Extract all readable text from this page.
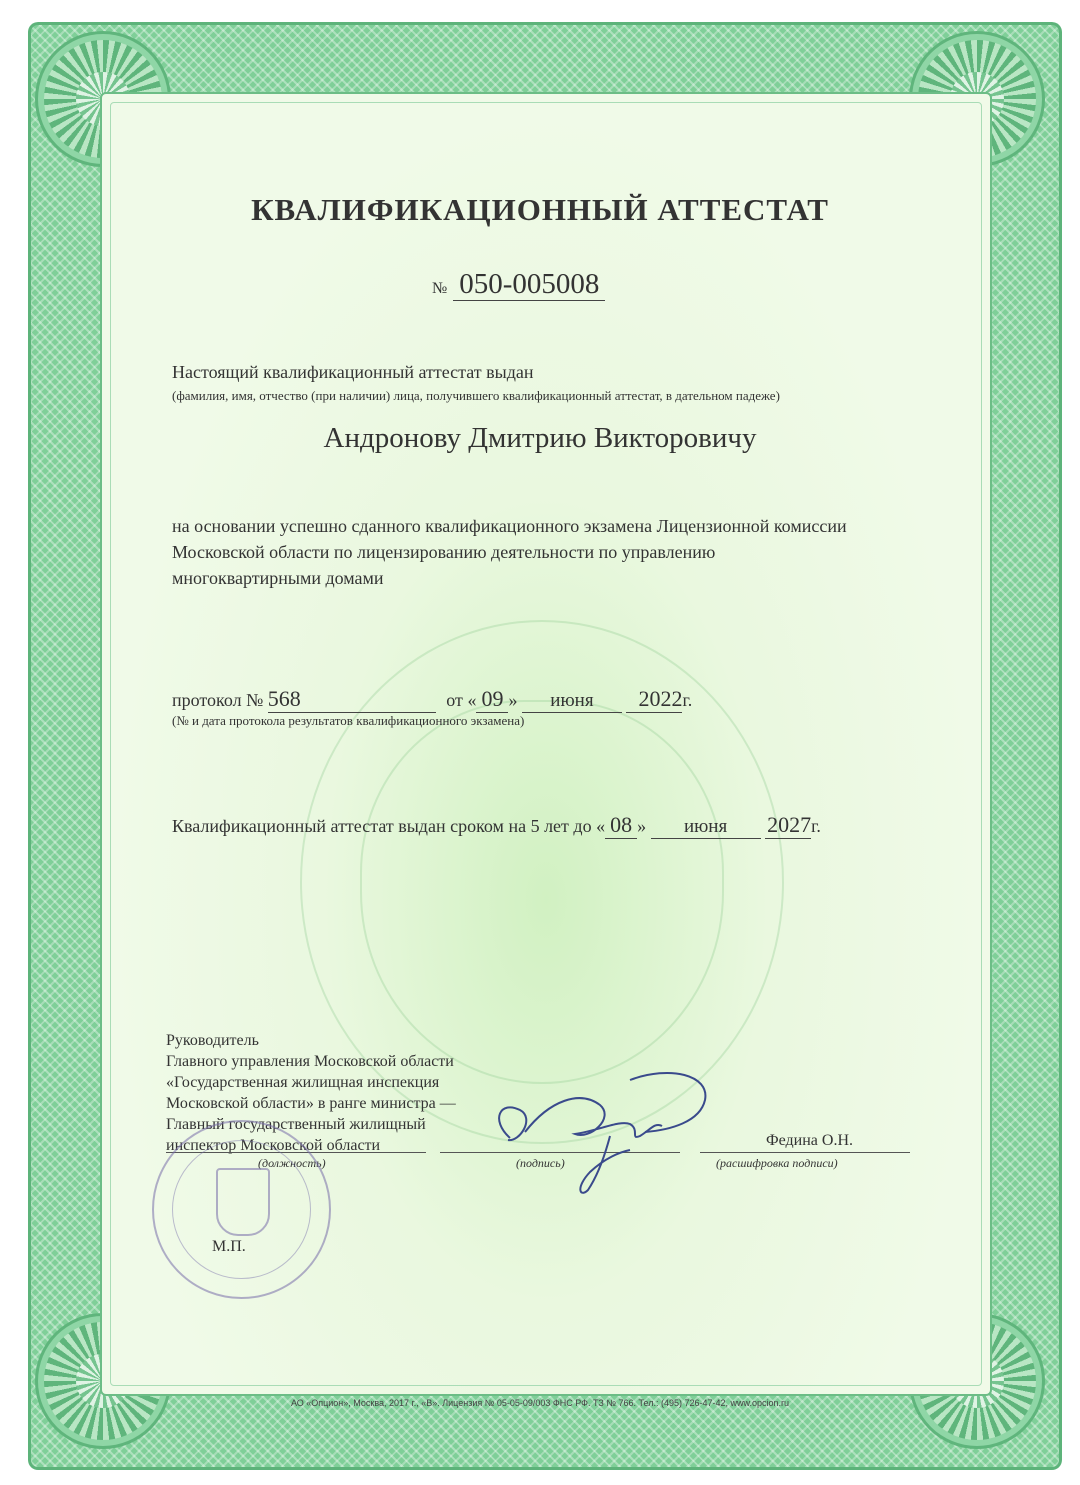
КВАЛИФИКАЦИОННЫЙ АТТЕСТАТ
№ 050-005008
Настоящий квалификационный аттестат выдан
(фамилия, имя, отчество (при наличии) лица, получившего квалификационный аттестат, в дательном падеже)
Андронову Дмитрию Викторовичу
на основании успешно сданного квалификационного экзамена Лицензионной комиссии
Московской области по лицензированию деятельности по управлению
многоквартирными домами
протокол № 568	от « 09 » июня 2022г.
(№ и дата протокола результатов квалификационного экзамена)
Квалификационный аттестат выдан сроком на 5 лет до « 08 » июня 2027г.
Руководитель
Главного управления Московской области
«Государственная жилищная инспекция
Московской области» в ранге министра —
Главный государственный жилищный
инспектор Московской области
(должность)	(подпись)	(расшифровка подписи)
Федина О.Н.
М.П.
АО «Опцион», Москва, 2017 г., «В». Лицензия № 05-05-09/003 ФНС РФ. ТЗ № 766. Тел.: (495) 726-47-42, www.opcion.ru
